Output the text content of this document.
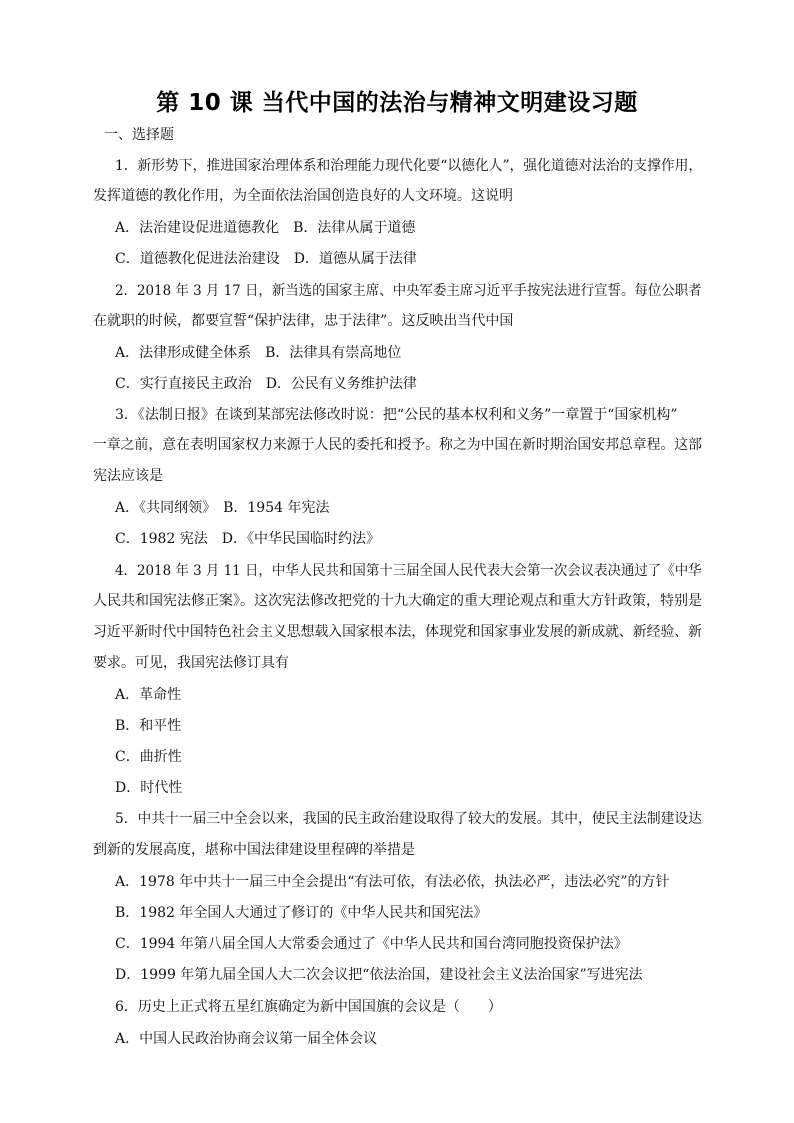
第 10 课 当代中国的法治与精神文明建设习题
一、选择题
1．新形势下，推进国家治理体系和治理能力现代化要“以德化人”，强化道德对法治的支撑作用，
发挥道德的教化作用，为全面依法治国创造良好的人文环境。这说明
A．法治建设促进道德教化　B．法律从属于道德
C．道德教化促进法治建设　D．道德从属于法律
2．2018 年 3 月 17 日，新当选的国家主席、中央军委主席习近平手按宪法进行宣誓。每位公职者
在就职的时候，都要宣誓“保护法律，忠于法律”。这反映出当代中国
A．法律形成健全体系　B．法律具有崇高地位
C．实行直接民主政治　D．公民有义务维护法律
3．《法制日报》在谈到某部宪法修改时说：把“公民的基本权利和义务”一章置于“国家机构”
一章之前，意在表明国家权力来源于人民的委托和授予。称之为中国在新时期治国安邦总章程。这部
宪法应该是
A．《共同纲领》　B．1954 年宪法
C．1982 宪法　D．《中华民国临时约法》
4．2018 年 3 月 11 日，中华人民共和国第十三届全国人民代表大会第一次会议表决通过了《中华
人民共和国宪法修正案》。这次宪法修改把党的十九大确定的重大理论观点和重大方针政策，特别是
习近平新时代中国特色社会主义思想载入国家根本法，体现党和国家事业发展的新成就、新经验、新
要求。可见，我国宪法修订具有
A．革命性
B．和平性
C．曲折性
D．时代性
5．中共十一届三中全会以来，我国的民主政治建设取得了较大的发展。其中，使民主法制建设达
到新的发展高度，堪称中国法律建设里程碑的举措是
A．1978 年中共十一届三中全会提出“有法可依，有法必依，执法必严，违法必究”的方针
B．1982 年全国人大通过了修订的《中华人民共和国宪法》
C．1994 年第八届全国人大常委会通过了《中华人民共和国台湾同胞投资保护法》
D．1999 年第九届全国人大二次会议把“依法治国，建设社会主义法治国家”写进宪法
6．历史上正式将五星红旗确定为新中国国旗的会议是（　　）
A．中国人民政治协商会议第一届全体会议
